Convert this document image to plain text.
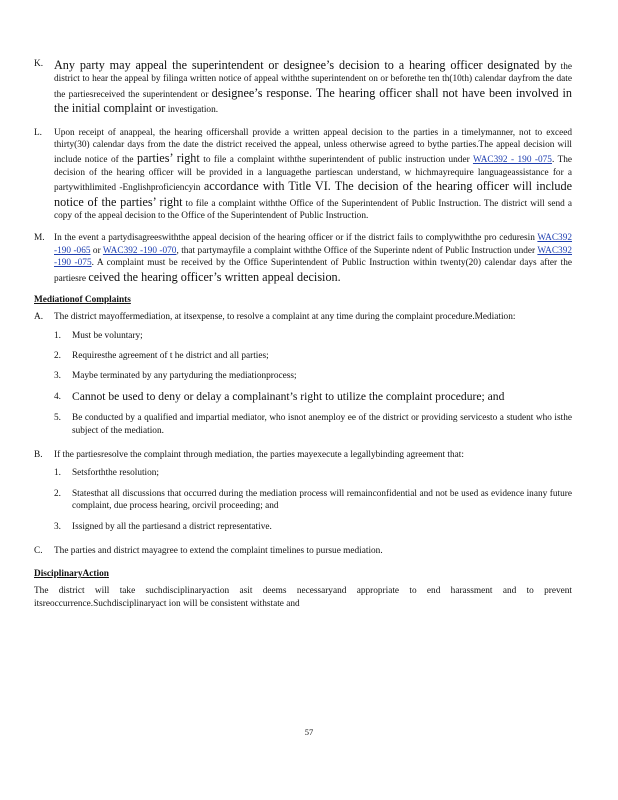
K. Any party may appeal the superintendent or designee’s decision to a hearing officer designated by the district to hear the appeal by filinga written notice of appeal withthe superintendent on or beforethe ten th(10th) calendar dayfrom the date the partiesreceived the superintendent or designee’s response. The hearing officer shall not have been involved in the initial complaint or investigation.
L. Upon receipt of anappeal, the hearing officershall provide a written appeal decision to the parties in a timelymanner, not to exceed thirty(30) calendar days from the date the district received the appeal, unless otherwise agreed to bythe parties.The appeal decision will include notice of the parties’ right to file a complaint withthe superintendent of public instruction under WAC392 - 190 -075. The decision of the hearing officer will be provided in a languagethe partiescan understand, w hichmayrequire languageassistance for a partywithlimited -Englishproficiencyin accordance with Title VI. The decision of the hearing officer will include notice of the parties’ right to file a complaint withthe Office of the Superintendent of Public Instruction. The district will send a copy of the appeal decision to the Office of the Superintendent of Public Instruction.
M. In the event a partydisagreeswiththe appeal decision of the hearing officer or if the district fails to complywiththe pro ceduresin WAC392 -190 -065 or WAC392 -190 -070, that partymayfile a complaint withthe Office of the Superinte ndent of Public Instruction under WAC392 -190 -075. A complaint must be received by the Office Superintendent of Public Instruction within twenty(20) calendar days after the partiesre ceived the hearing officer’s written appeal decision.
Mediationof Complaints
A. The district mayoffermediation, at itsexpense, to resolve a complaint at any time during the complaint procedure.Mediation:
1. Must be voluntary;
2. Requiresthe agreement of t he district and all parties;
3. Maybe terminated by any partyduring the mediationprocess;
4. Cannot be used to deny or delay a complainant’s right to utilize the complaint procedure; and
5. Be conducted by a qualified and impartial mediator, who isnot anemploy ee of the district or providing servicesto a student who isthe subject of the mediation.
B. If the partiesresolve the complaint through mediation, the parties mayexecute a legallybinding agreement that:
1. Setsforththe resolution;
2. Statesthat all discussions that occurred during the mediation process will remainconfidential and not be used as evidence inany future complaint, due process hearing, orcivil proceeding; and
3. Issigned by all the partiesand a district representative.
C. The parties and district mayagree to extend the complaint timelines to pursue mediation.
DisciplinaryAction
The district will take suchdisciplinaryaction asit deems necessaryand appropriate to end harassment and to prevent itsreoccurrence.Suchdisciplinaryact ion will be consistent withstate and
57
